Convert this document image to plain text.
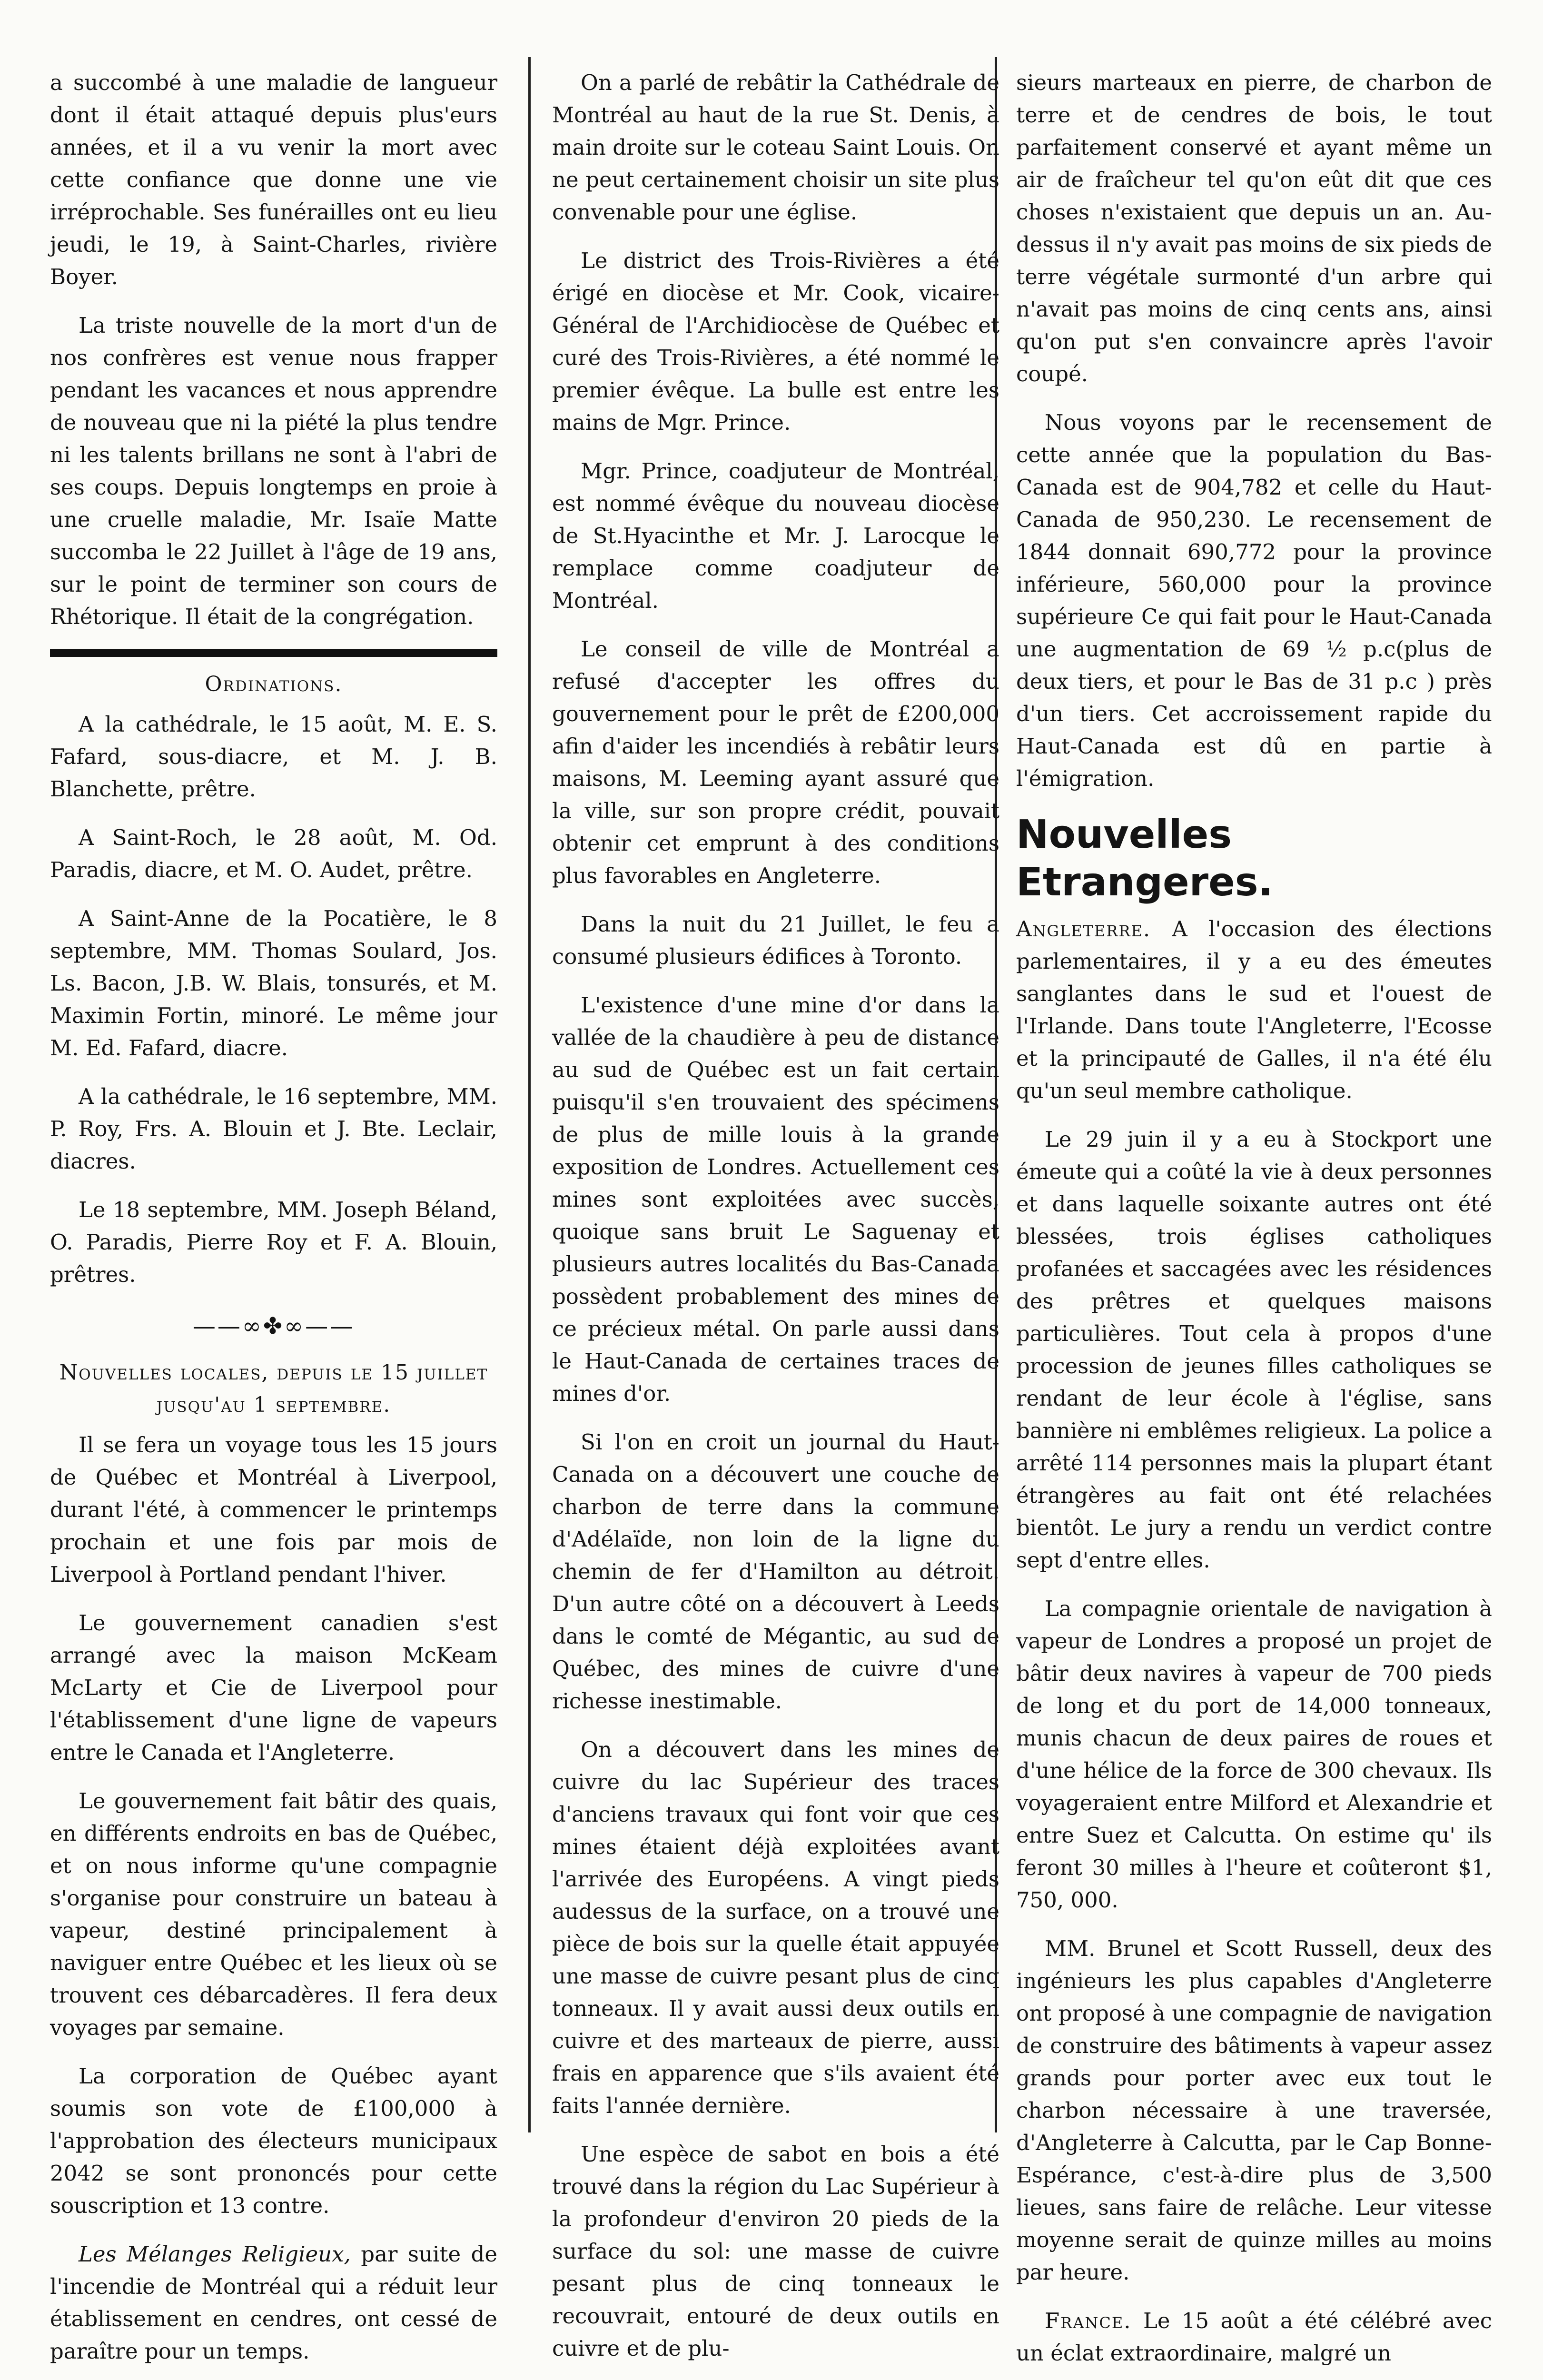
a succombé à une maladie de langueur dont il était attaqué depuis plus'eurs années, et il a vu venir la mort avec cette confiance que donne une vie irréprochable. Ses funérailles ont eu lieu jeudi, le 19, à Saint-Charles, rivière Boyer.

La triste nouvelle de la mort d'un de nos confrères est venue nous frapper pendant les vacances et nous apprendre de nouveau que ni la piété la plus tendre ni les talents brillans ne sont à l'abri de ses coups. Depuis longtemps en proie à une cruelle maladie, Mr. Isaïe Matte succomba le 22 Juillet à l'âge de 19 ans, sur le point de terminer son cours de Rhétorique. Il était de la congrégation.

Ordinations.

A la cathédrale, le 15 août, M. E. S. Fafard, sous-diacre, et M. J. B. Blanchette, prêtre.

A Saint-Roch, le 28 août, M. Od. Paradis, diacre, et M. O. Audet, prêtre.

A Saint-Anne de la Pocatière, le 8 septembre, MM. Thomas Soulard, Jos. Ls. Bacon, J.B. W. Blais, tonsurés, et M. Maximin Fortin, minoré. Le même jour M. Ed. Fafard, diacre.

A la cathédrale, le 16 septembre, MM. P. Roy, Frs. A. Blouin et J. Bte. Leclair, diacres.

Le 18 septembre, MM. Joseph Béland, O. Paradis, Pierre Roy et F. A. Blouin, prêtres.

——∞✤∞——

Nouvelles locales, depuis le 15 juillet jusqu'au 1 septembre.

Il se fera un voyage tous les 15 jours de Québec et Montréal à Liverpool, durant l'été, à commencer le printemps prochain et une fois par mois de Liverpool à Portland pendant l'hiver.

Le gouvernement canadien s'est arrangé avec la maison McKeam McLarty et Cie de Liverpool pour l'établissement d'une ligne de vapeurs entre le Canada et l'Angleterre.

Le gouvernement fait bâtir des quais, en différents endroits en bas de Québec, et on nous informe qu'une compagnie s'organise pour construire un bateau à vapeur, destiné principalement à naviguer entre Québec et les lieux où se trouvent ces débarcadères. Il fera deux voyages par semaine.

La corporation de Québec ayant soumis son vote de £100,000 à l'approbation des électeurs municipaux 2042 se sont prononcés pour cette souscription et 13 contre.

Les Mélanges Religieux, par suite de l'incendie de Montréal qui a réduit leur établissement en cendres, ont cessé de paraître pour un temps.

On a parlé de rebâtir la Cathédrale de Montréal au haut de la rue St. Denis, à main droite sur le coteau Saint Louis. On ne peut certainement choisir un site plus convenable pour une église.

Le district des Trois-Rivières a été érigé en diocèse et Mr. Cook, vicaire-Général de l'Archidiocèse de Québec et curé des Trois-Rivières, a été nommé le premier évêque. La bulle est entre les mains de Mgr. Prince.

Mgr. Prince, coadjuteur de Montréal, est nommé évêque du nouveau diocèse de St.Hyacinthe et Mr. J. Larocque le remplace comme coadjuteur de Montréal.

Le conseil de ville de Montréal a refusé d'accepter les offres du gouvernement pour le prêt de £200,000 afin d'aider les incendiés à rebâtir leurs maisons, M. Leeming ayant assuré que la ville, sur son propre crédit, pouvait obtenir cet emprunt à des conditions plus favorables en Angleterre.

Dans la nuit du 21 Juillet, le feu a consumé plusieurs édifices à Toronto.

L'existence d'une mine d'or dans la vallée de la chaudière à peu de distance au sud de Québec est un fait certain puisqu'il s'en trouvaient des spécimens de plus de mille louis à la grande exposition de Londres. Actuellement ces mines sont exploitées avec succès, quoique sans bruit Le Saguenay et plusieurs autres localités du Bas-Canada possèdent probablement des mines de ce précieux métal. On parle aussi dans le Haut-Canada de certaines traces de mines d'or.

Si l'on en croit un journal du Haut-Canada on a découvert une couche de charbon de terre dans la commune d'Adélaïde, non loin de la ligne du chemin de fer d'Hamilton au détroit. D'un autre côté on a découvert à Leeds dans le comté de Mégantic, au sud de Québec, des mines de cuivre d'une richesse inestimable.

On a découvert dans les mines de cuivre du lac Supérieur des traces d'anciens travaux qui font voir que ces mines étaient déjà exploitées avant l'arrivée des Européens. A vingt pieds audessus de la surface, on a trouvé une pièce de bois sur la quelle était appuyée une masse de cuivre pesant plus de cinq tonneaux. Il y avait aussi deux outils en cuivre et des marteaux de pierre, aussi frais en apparence que s'ils avaient été faits l'année dernière.

Une espèce de sabot en bois a été trouvé dans la région du Lac Supérieur à la profondeur d'environ 20 pieds de la surface du sol: une masse de cuivre pesant plus de cinq tonneaux le recouvrait, entouré de deux outils en cuivre et de plu-

sieurs marteaux en pierre, de charbon de terre et de cendres de bois, le tout parfaitement conservé et ayant même un air de fraîcheur tel qu'on eût dit que ces choses n'existaient que depuis un an. Au-dessus il n'y avait pas moins de six pieds de terre végétale surmonté d'un arbre qui n'avait pas moins de cinq cents ans, ainsi qu'on put s'en convaincre après l'avoir coupé.

Nous voyons par le recensement de cette année que la population du Bas-Canada est de 904,782 et celle du Haut-Canada de 950,230. Le recensement de 1844 donnait 690,772 pour la province inférieure, 560,000 pour la province supérieure Ce qui fait pour le Haut-Canada une augmentation de 69 ½ p.c(plus de deux tiers, et pour le Bas de 31 p.c ) près d'un tiers. Cet accroissement rapide du Haut-Canada est dû en partie à l'émigration.

Nouvelles Etrangeres.

Angleterre. A l'occasion des élections parlementaires, il y a eu des émeutes sanglantes dans le sud et l'ouest de l'Irlande. Dans toute l'Angleterre, l'Ecosse et la principauté de Galles, il n'a été élu qu'un seul membre catholique.

Le 29 juin il y a eu à Stockport une émeute qui a coûté la vie à deux personnes et dans laquelle soixante autres ont été blessées, trois églises catholiques profanées et saccagées avec les résidences des prêtres et quelques maisons particulières. Tout cela à propos d'une procession de jeunes filles catholiques se rendant de leur école à l'église, sans bannière ni emblêmes religieux. La police a arrêté 114 personnes mais la plupart étant étrangères au fait ont été relachées bientôt. Le jury a rendu un verdict contre sept d'entre elles.

La compagnie orientale de navigation à vapeur de Londres a proposé un projet de bâtir deux navires à vapeur de 700 pieds de long et du port de 14,000 tonneaux, munis chacun de deux paires de roues et d'une hélice de la force de 300 chevaux. Ils voyageraient entre Milford et Alexandrie et entre Suez et Calcutta. On estime qu' ils feront 30 milles à l'heure et coûteront $1, 750, 000.

MM. Brunel et Scott Russell, deux des ingénieurs les plus capables d'Angleterre ont proposé à une compagnie de navigation de construire des bâtiments à vapeur assez grands pour porter avec eux tout le charbon nécessaire à une traversée, d'Angleterre à Calcutta, par le Cap Bonne-Espérance, c'est-à-dire plus de 3,500 lieues, sans faire de relâche. Leur vitesse moyenne serait de quinze milles au moins par heure.

France. Le 15 août a été célébré avec un éclat extraordinaire, malgré un
